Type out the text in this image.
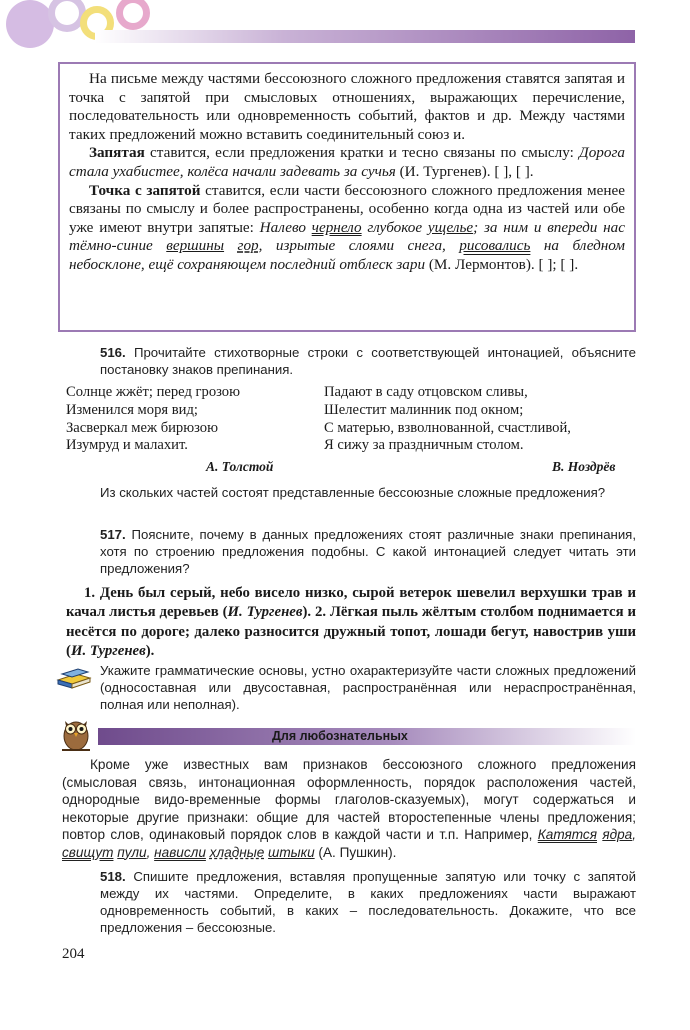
На письме между частями бессоюзного сложного предложения ставятся запятая и точка с запятой при смысловых отношениях, выражающих перечисление, последовательность или одновременность событий, фактов и др. Между частями таких предложений можно вставить соединительный союз и.

Запятая ставится, если предложения кратки и тесно связаны по смыслу: Дорога стала ухабистее, колёса начали задевать за сучья (И. Тургенев). [ ], [ ].

Точка с запятой ставится, если части бессоюзного сложного предложения менее связаны по смыслу и более распространены, особенно когда одна из частей или обе уже имеют внутри запятые: Налево чернело глубокое ущелье; за ним и впереди нас тёмно-синие вершины гор, изрытые слоями снега, рисовались на бледном небосклоне, ещё сохраняющем последний отблеск зари (М. Лермонтов). [ ]; [ ].

516. Прочитайте стихотворные строки с соответствующей интонацией, объясните постановку знаков препинания.
Солнце жжёт; перед грозою
Изменился моря вид;
Засверкал меж бирюзою
Изумруд и малахит.
А. Толстой
Падают в саду отцовском сливы,
Шелестит малинник под окном;
С матерью, взволнованной, счастливой,
Я сижу за праздничным столом.
В. Ноздрёв
Из скольких частей состоят представленные бессоюзные сложные предложения?
517. Поясните, почему в данных предложениях стоят различные знаки препинания, хотя по строению предложения подобны. С какой интонацией следует читать эти предложения?
1. День был серый, небо висело низко, сырой ветерок шевелил верхушки трав и качал листья деревьев (И. Тургенев). 2. Лёгкая пыль жёлтым столбом поднимается и несётся по дороге; далеко разносится дружный топот, лошади бегут, навострив уши (И. Тургенев).
Укажите грамматические основы, устно охарактеризуйте части сложных предложений (односоставная или двусоставная, распространённая или нераспространённая, полная или неполная).
Для любознательных
Кроме уже известных вам признаков бессоюзного сложного предложения (смысловая связь, интонационная оформленность, порядок расположения частей, однородные видо-временные формы глаголов-сказуемых), могут содержаться и некоторые другие признаки: общие для частей второстепенные члены предложения; повтор слов, одинаковый порядок слов в каждой части и т.п. Например, Катятся ядра, свищут пули, нависли хладные штыки (А. Пушкин).
518. Спишите предложения, вставляя пропущенные запятую или точку с запятой между их частями. Определите, в каких предложениях части выражают одновременность событий, в каких – последовательность. Докажите, что все предложения – бессоюзные.
204
